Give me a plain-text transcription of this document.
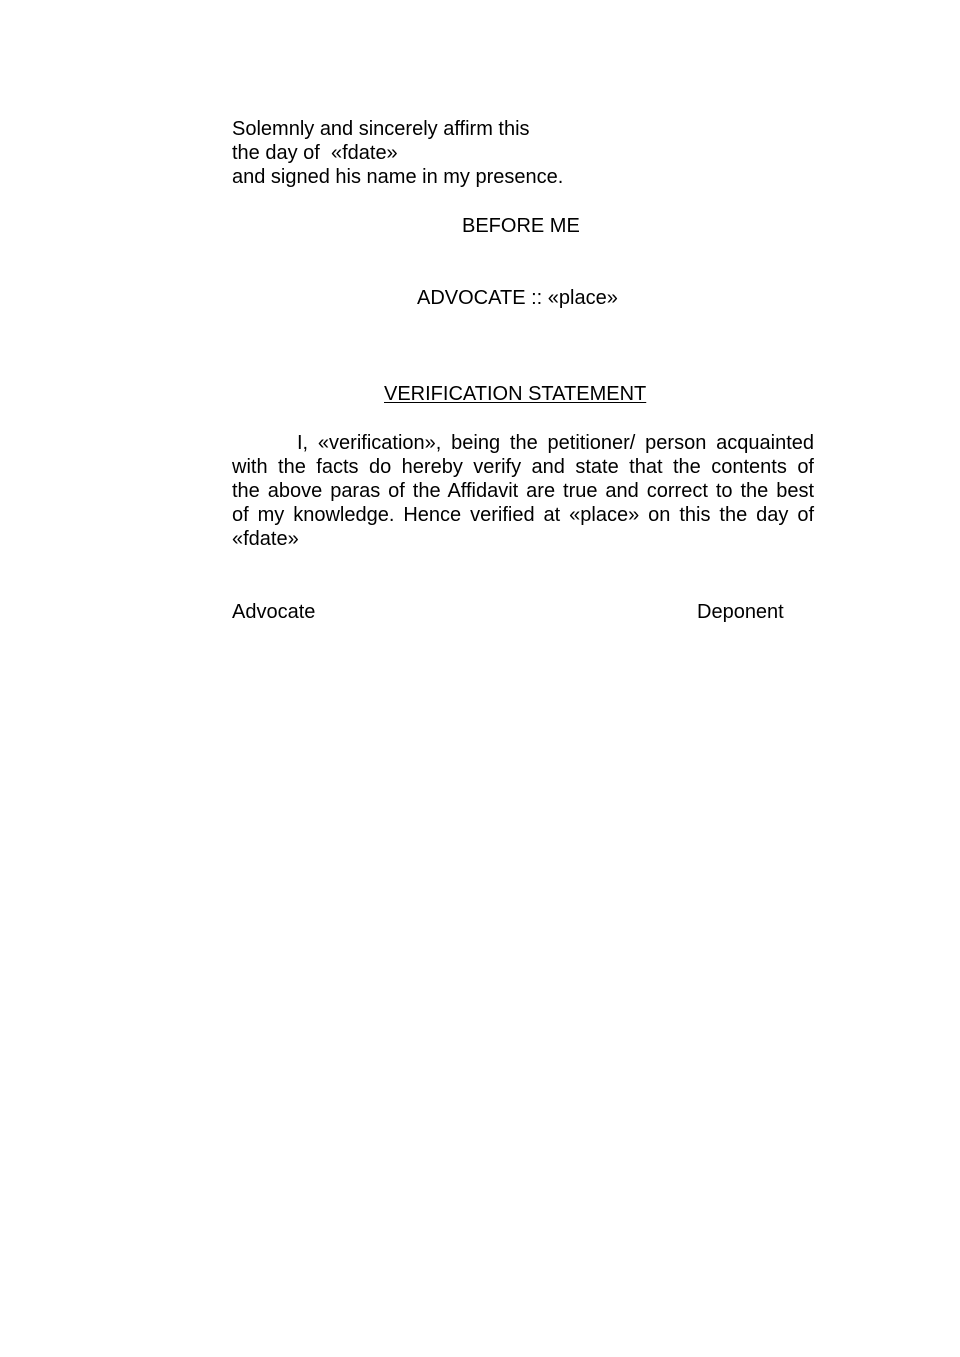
Solemnly and sincerely affirm this
the day of  «fdate»
and signed his name in my presence.
BEFORE ME
ADVOCATE :: «place»
VERIFICATION STATEMENT
I, «verification», being the petitioner/ person acquainted
with the facts do hereby verify and state that the contents of
the above paras of the Affidavit are true and correct to the best
of my knowledge. Hence verified at «place» on this the day of
«fdate»
Advocate	Deponent
